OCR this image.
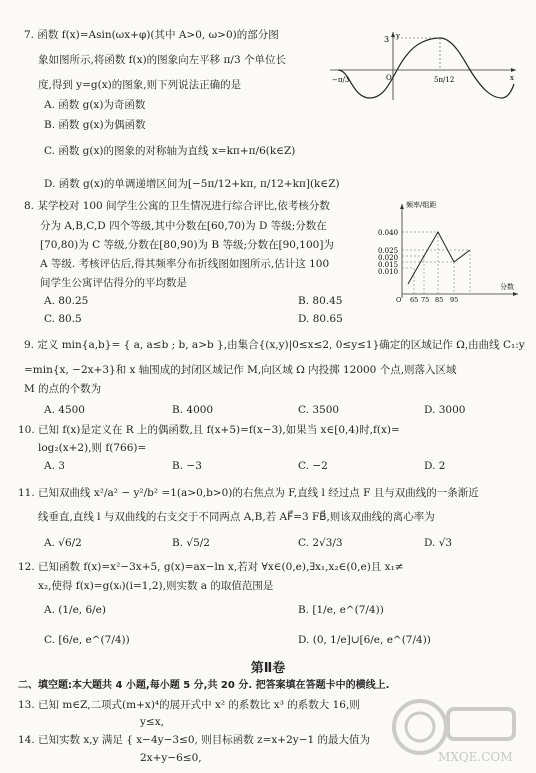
7. 函数 f(x)=Asin(ωx+φ)(其中 A>0, ω>0)的部分图
象如图所示,将函数 f(x)的图象向左平移 π/3 个单位长
度,得到 y=g(x)的图象,则下列说法正确的是
A. 函数 g(x)为奇函数
B. 函数 g(x)为偶函数
C. 函数 g(x)的图象的对称轴为直线 x=kπ+π/6(k∈Z)
D. 函数 g(x)的单调递增区间为[−5π/12+kπ, π/12+kπ](k∈Z)
3 y
x
O
−π/3	5π/12
8. 某学校对 100 间学生公寓的卫生情况进行综合评比,依考核分数
分为 A,B,C,D 四个等级,其中分数在[60,70)为 D 等级;分数在
[70,80)为 C 等级,分数在[80,90)为 B 等级;分数在[90,100]为
A 等级. 考核评估后,得其频率分布折线图如图所示,估计这 100
间学生公寓评估得分的平均数是
A. 80.25	B. 80.45
C. 80.5	D. 80.65
频率/组距
分数
0.040
0.025
0.020
0.015
0.010
65 75 85 95
O
9. 定义 min{a,b}= { a, a≤b ; b, a>b },由集合{(x,y)|0≤x≤2, 0≤y≤1}确定的区域记作 Ω,由曲线 C₁:y
=min{x, −2x+3}和 x 轴围成的封闭区域记作 M,向区域 Ω 内投掷 12000 个点,则落入区域
M 的点的个数为
A. 4500	B. 4000	C. 3500	D. 3000
10. 已知 f(x)是定义在 R 上的偶函数,且 f(x+5)=f(x−3),如果当 x∈[0,4)时,f(x)=
log₂(x+2),则 f(766)=
A. 3	B. −3	C. −2	D. 2
11. 已知双曲线 x²/a² − y²/b² =1(a>0,b>0)的右焦点为 F,直线 l 经过点 F 且与双曲线的一条渐近
线垂直,直线 l 与双曲线的右支交于不同两点 A,B,若 AF⃗=3 FB⃗,则该双曲线的离心率为
A. √6/2	B. √5/2	C. 2√3/3	D. √3
12. 已知函数 f(x)=x²−3x+5, g(x)=ax−ln x,若对 ∀x∈(0,e),∃x₁,x₂∈(0,e)且 x₁≠
x₂,使得 f(x)=g(xᵢ)(i=1,2),则实数 a 的取值范围是
A. (1/e, 6/e)	B. [1/e, e^(7/4))
C. [6/e, e^(7/4))	D. (0, 1/e]∪[6/e, e^(7/4))
第Ⅱ卷
二、填空题:本大题共 4 小题,每小题 5 分,共 20 分. 把答案填在答题卡中的横线上.
13. 已知 m∈Z,二项式(m+x)⁴的展开式中 x² 的系数比 x³ 的系数大 16,则
y≤x,
14. 已知实数 x,y 满足 { x−4y−3≤0, 则目标函数 z=x+2y−1 的最大值为
2x+y−6≤0,	MXQE.COM
